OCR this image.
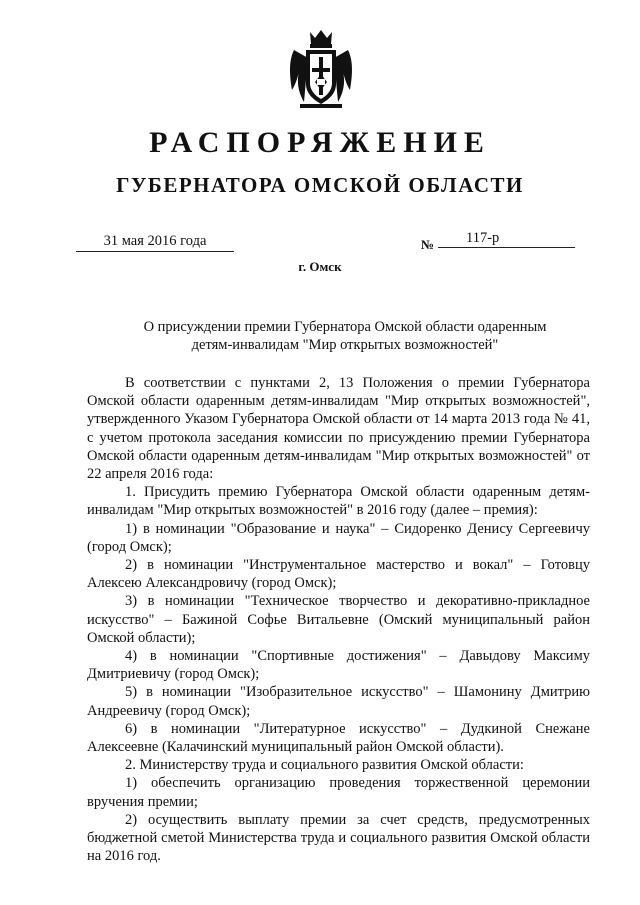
РАСПОРЯЖЕНИЕ
ГУБЕРНАТОРА ОМСКОЙ ОБЛАСТИ
31 мая 2016 года	№	117-р
г. Омск
О присуждении премии Губернатора Омской области одаренным
детям-инвалидам "Мир открытых возможностей"

В соответствии с пунктами 2, 13 Положения о премии Губернатора Омской области одаренным детям-инвалидам "Мир открытых возможностей", утвержденного Указом Губернатора Омской области от 14 марта 2013 года № 41, с учетом протокола заседания комиссии по присуждению премии Губернатора Омской области одаренным детям-инвалидам "Мир открытых возможностей" от 22 апреля 2016 года:

1. Присудить премию Губернатора Омской области одаренным детям-инвалидам "Мир открытых возможностей" в 2016 году (далее – премия):

1) в номинации "Образование и наука" – Сидоренко Денису Сергеевичу (город Омск);

2) в номинации "Инструментальное мастерство и вокал" – Готовцу Алексею Александровичу (город Омск);

3) в номинации "Техническое творчество и декоративно-прикладное искусство" – Бажиной Софье Витальевне (Омский муниципальный район Омской области);

4) в номинации "Спортивные достижения" – Давыдову Максиму Дмитриевичу (город Омск);

5) в номинации "Изобразительное искусство" – Шамонину Дмитрию Андреевичу (город Омск);

6) в номинации "Литературное искусство" – Дудкиной Снежане Алексеевне (Калачинский муниципальный район Омской области).

2. Министерству труда и социального развития Омской области:

1) обеспечить организацию проведения торжественной церемонии вручения премии;

2) осуществить выплату премии за счет средств, предусмотренных бюджетной сметой Министерства труда и социального развития Омской области на 2016 год.
